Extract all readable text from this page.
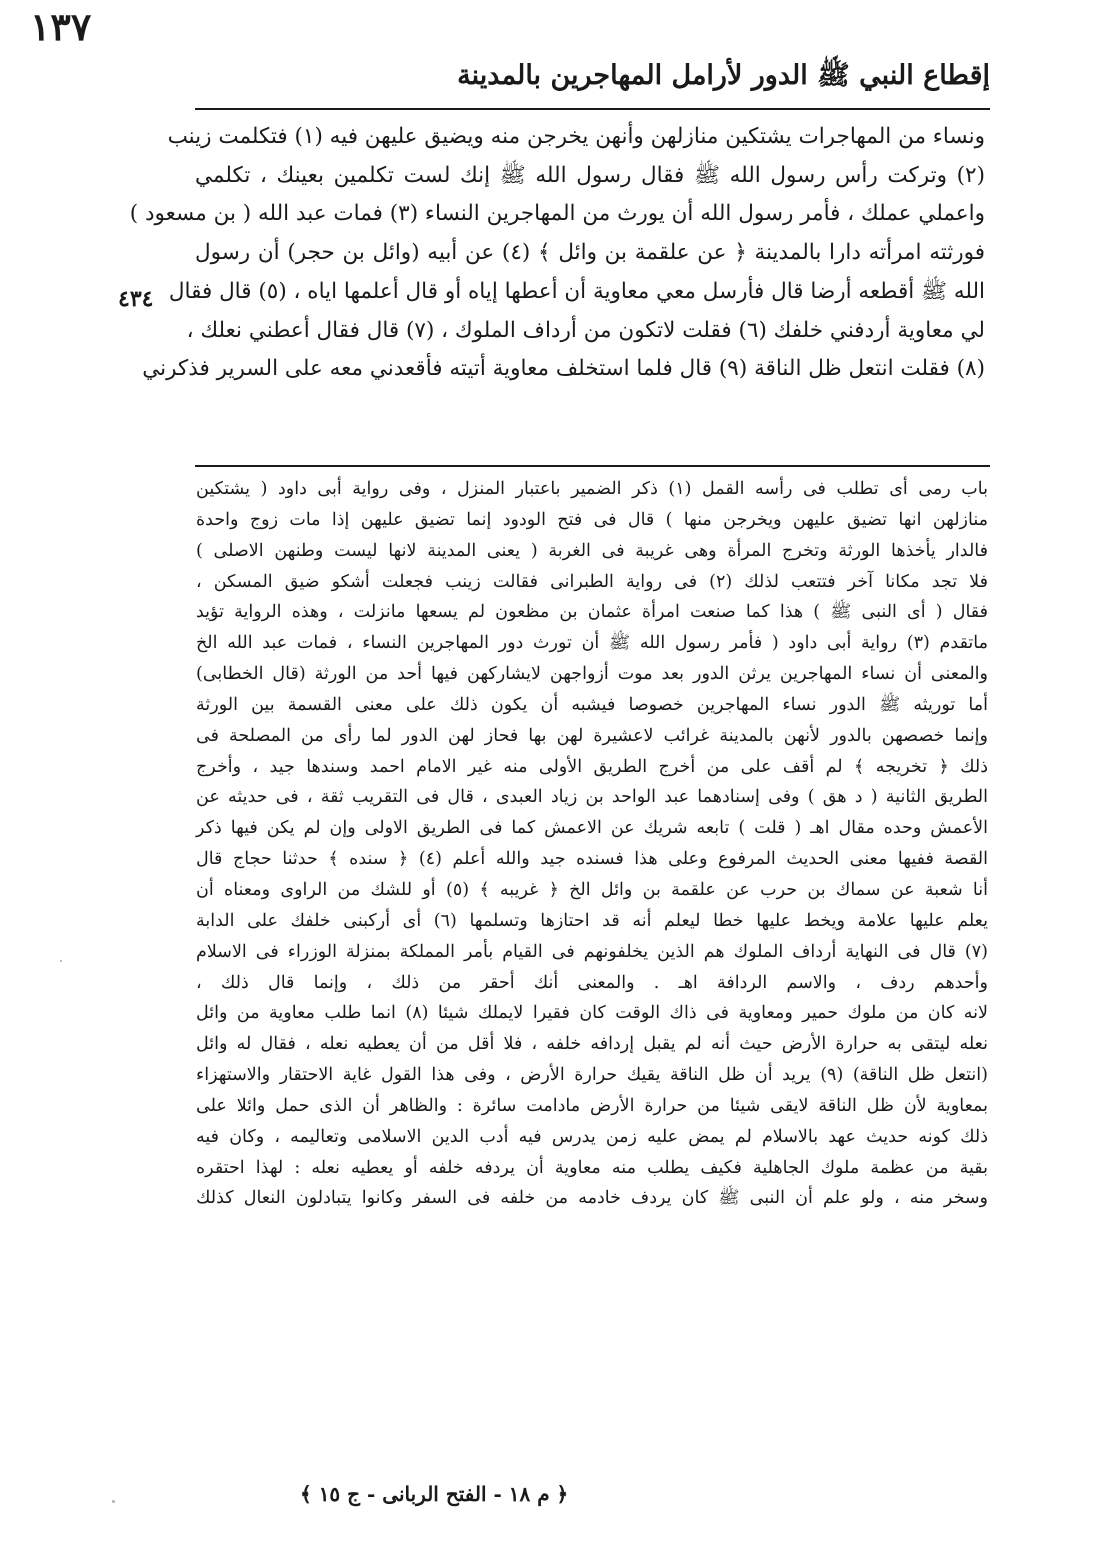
إقطاع النبي ﷺ الدور لأرامل المهاجرين بالمدينة
١٣٧
٤٣٤
ونساء من المهاجرات يشتكين منازلهن وأنهن يخرجن منه ويضيق عليهن فيه (١) فتكلمت زينب
(٢) وتركت رأس رسول الله ﷺ فقال رسول الله ﷺ إنك لست تكلمين بعينك ، تكلمي
واعملي عملك ، فأمر رسول الله أن يورث من المهاجرين النساء (٣) فمات عبد الله ( بن مسعود )
فورثته امرأته دارا بالمدينة ﴿ عن علقمة بن وائل ﴾ (٤) عن أبيه (وائل بن حجر) أن رسول
الله ﷺ أقطعه أرضا قال فأرسل معي معاوية أن أعطها إياه أو قال أعلمها اياه ، (٥) قال فقال
لي معاوية أردفني خلفك (٦) فقلت لاتكون من أرداف الملوك ، (٧) قال فقال أعطني نعلك ،
(٨) فقلت انتعل ظل الناقة (٩) قال فلما استخلف معاوية أتيته فأقعدني معه على السرير فذكرني
باب رمى أى تطلب فى رأسه القمل (١) ذكر الضمير باعتبار المنزل ، وفى رواية أبى داود ( يشتكين
منازلهن انها تضيق عليهن ويخرجن منها ) قال فى فتح الودود إنما تضيق عليهن إذا مات زوج واحدة
فالدار يأخذها الورثة وتخرج المرأة وهى غريبة فى الغربة ( يعنى المدينة لانها ليست وطنهن الاصلى )
فلا تجد مكانا آخر فتتعب لذلك (٢) فى رواية الطبرانى فقالت زينب فجعلت أشكو ضيق المسكن ،
فقال ( أى النبى ﷺ ) هذا كما صنعت امرأة عثمان بن مظعون لم يسعها مانزلت ، وهذه الرواية تؤيد
ماتقدم (٣) رواية أبى داود ( فأمر رسول الله ﷺ أن تورث دور المهاجرين النساء ، فمات عبد الله الخ
والمعنى أن نساء المهاجرين يرثن الدور بعد موت أزواجهن لايشاركهن فيها أحد من الورثة (قال الخطابى)
أما توريثه ﷺ الدور نساء المهاجرين خصوصا فيشبه أن يكون ذلك على معنى القسمة بين الورثة
وإنما خصصهن بالدور لأنهن بالمدينة غرائب لاعشيرة لهن بها فحاز لهن الدور لما رأى من المصلحة فى
ذلك ﴿ تخريجه ﴾ لم أقف على من أخرج الطريق الأولى منه غير الامام احمد وسندها جيد ، وأخرج
الطريق الثانية ( د هق ) وفى إسنادهما عبد الواحد بن زياد العبدى ، قال فى التقريب ثقة ، فى حديثه عن
الأعمش وحده مقال اهـ ( قلت ) تابعه شريك عن الاعمش كما فى الطريق الاولى وإن لم يكن فيها ذكر
القصة ففيها معنى الحديث المرفوع وعلى هذا فسنده جيد والله أعلم (٤) ﴿ سنده ﴾ حدثنا حجاج قال
أنا شعبة عن سماك بن حرب عن علقمة بن وائل الخ ﴿ غريبه ﴾ (٥) أو للشك من الراوى ومعناه أن
يعلم عليها علامة ويخط عليها خطا ليعلم أنه قد احتازها وتسلمها (٦) أى أركبنى خلفك على الدابة
(٧) قال فى النهاية أرداف الملوك هم الذين يخلفونهم فى القيام بأمر المملكة بمنزلة الوزراء فى الاسلام
وأحدهم ردف ، والاسم الردافة اهـ . والمعنى أنك أحقر من ذلك ، وإنما قال ذلك ،
لانه كان من ملوك حمير ومعاوية فى ذاك الوقت كان فقيرا لايملك شيئا (٨) انما طلب معاوية من وائل
نعله ليتقى به حرارة الأرض حيث أنه لم يقبل إردافه خلفه ، فلا أقل من أن يعطيه نعله ، فقال له وائل
(انتعل ظل الناقة) (٩) يريد أن ظل الناقة يقيك حرارة الأرض ، وفى هذا القول غاية الاحتقار والاستهزاء
بمعاوية لأن ظل الناقة لايقى شيئا من حرارة الأرض مادامت سائرة : والظاهر أن الذى حمل وائلا على
ذلك كونه حديث عهد بالاسلام لم يمض عليه زمن يدرس فيه أدب الدين الاسلامى وتعاليمه ، وكان فيه
بقية من عظمة ملوك الجاهلية فكيف يطلب منه معاوية أن يردفه خلفه أو يعطيه نعله : لهذا احتقره
وسخر منه ، ولو علم أن النبى ﷺ كان يردف خادمه من خلفه فى السفر وكانوا يتبادلون النعال كذلك
﴿ م ١٨ - الفتح الربانى - ج ١٥ ﴾
